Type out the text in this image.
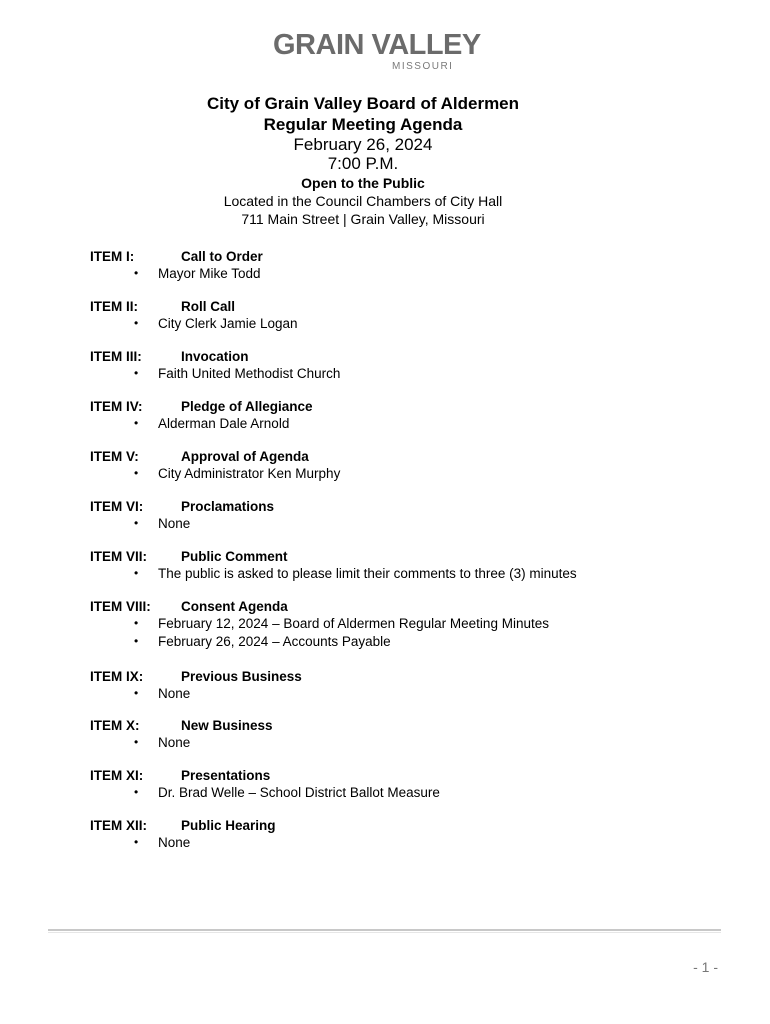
GRAIN VALLEY
MISSOURI
City of Grain Valley Board of Aldermen
Regular Meeting Agenda
February 26, 2024
7:00 P.M.
Open to the Public
Located in the Council Chambers of City Hall
711 Main Street | Grain Valley, Missouri
ITEM I:	Call to Order
• Mayor Mike Todd
ITEM II:	Roll Call
• City Clerk Jamie Logan
ITEM III:	Invocation
• Faith United Methodist Church
ITEM IV:	Pledge of Allegiance
• Alderman Dale Arnold
ITEM V:	Approval of Agenda
• City Administrator Ken Murphy
ITEM VI:	Proclamations
• None
ITEM VII:	Public Comment
• The public is asked to please limit their comments to three (3) minutes
ITEM VIII: Consent Agenda
• February 12, 2024 – Board of Aldermen Regular Meeting Minutes
• February 26, 2024 – Accounts Payable
ITEM IX:	Previous Business
• None
ITEM X:	New Business
• None
ITEM XI:	Presentations
• Dr. Brad Welle – School District Ballot Measure
ITEM XII:	Public Hearing
• None
- 1 -
